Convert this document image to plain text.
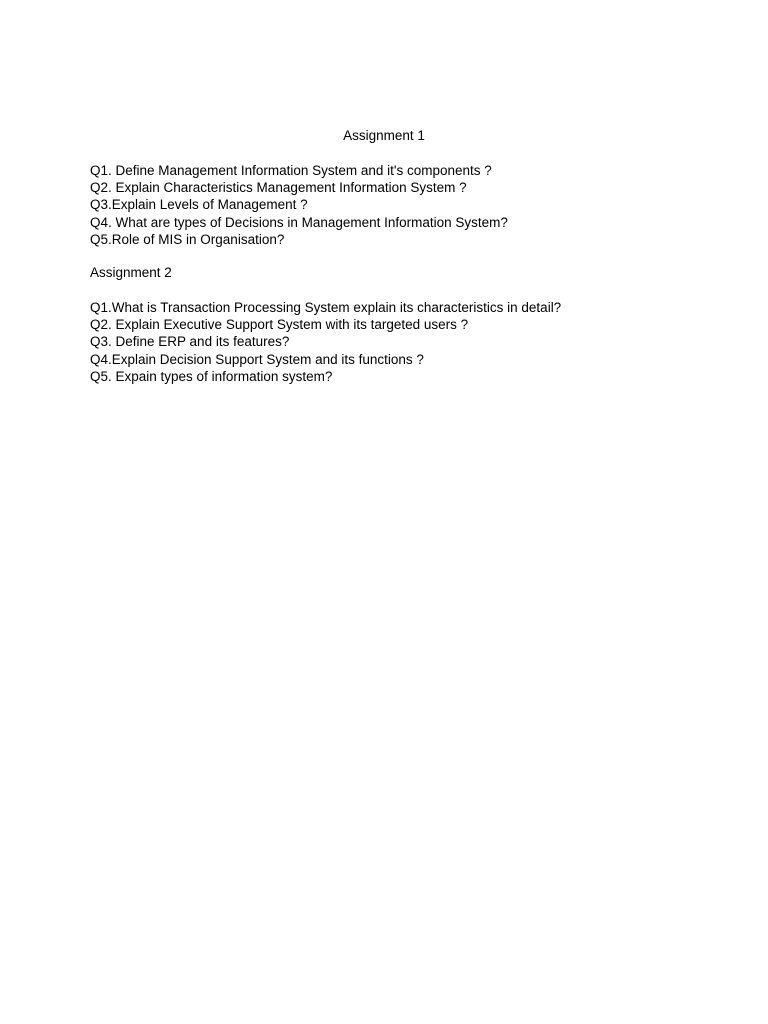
Assignment 1
Q1. Define Management Information System and it's components ?
Q2. Explain Characteristics Management Information System ?
Q3.Explain Levels of Management ?
Q4. What are types of Decisions in Management Information System?
Q5.Role of MIS in Organisation?
Assignment 2
Q1.What is Transaction Processing System explain its characteristics in detail?
Q2. Explain Executive Support System with its targeted users ?
Q3. Define ERP and its features?
Q4.Explain Decision Support System and its functions ?
Q5. Expain types of information system?
